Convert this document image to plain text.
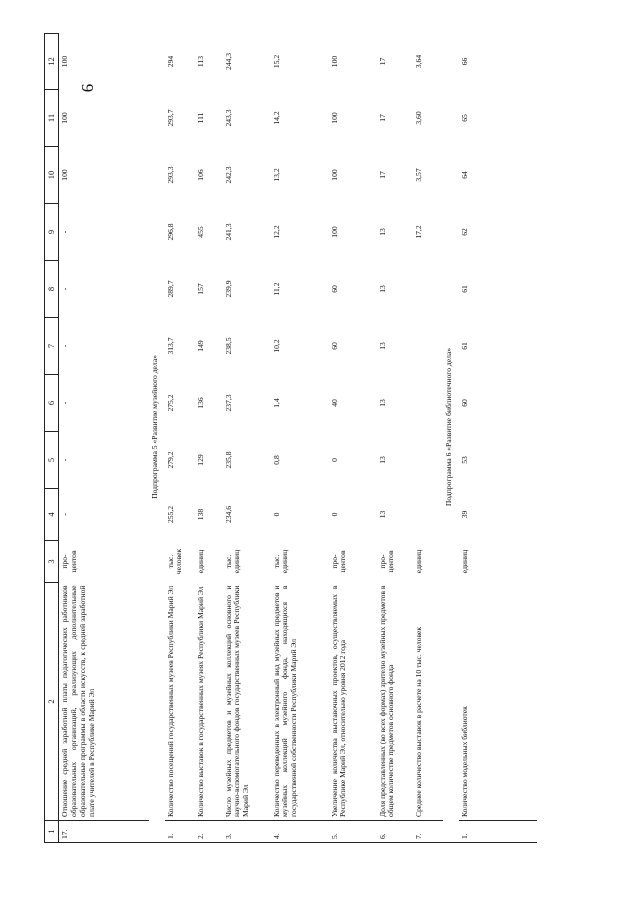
9
1	2	3	4	5	6	7	8	9	10	11	12
17.	Отношение средней заработной платы педагогических работников образовательных организаций, реализующих дополнительные образовательные программы в области искусств, к средней заработной плате учителей в Республике Марий Эл	про-центов	-	-	-	-	-	-	100	100	100
	Подпрограмма 5 «Развитие музейного дела»										
1.	Количество посещений государственных музеев Республики Марий Эл	тыс. человек	255,2	279,2	275,2	313,7	289,7	296,8	293,3	293,7	294
2.	Количество выставок в государственных музеях Республики Марий Эл	единиц	138	129	136	149	157	455	106	111	113
3.	Число музейных предметов и музейных коллекций основного и научно-вспомогательного фондов государственных музеев Республики Марий Эл	тыс. единиц	234,6	235,8	237,3	238,5	239,9	241,3	242,3	243,3	244,3
4.	Количество переведенных в электронный вид музейных предметов и музейных коллекций музейного фонда, находящихся в государственной собственности Республики Марий Эл	тыс. единиц	0	0,8	1,4	10,2	11,2	12,2	13,2	14,2	15,2
5.	Увеличение количества выставочных проектов, осуществляемых в Республике Марий Эл, относительно уровня 2012 года	про-центов	0	0	40	60	60	100	100	100	100
6.	Доля представленных (во всех формах) зрителю музейных предметов в общем количестве предметов основного фонда	про-центов	13	13	13	13	13	13	17	17	17
7.	Среднее количество выставок в расчете на 10 тыс. человек	единиц						17,2	3,57	3,60	3,64
	Подпрограмма 6 «Развитие библиотечного дела»										
1.	Количество модельных библиотек	единиц	39	53	60	61	61	62	64	65	66
